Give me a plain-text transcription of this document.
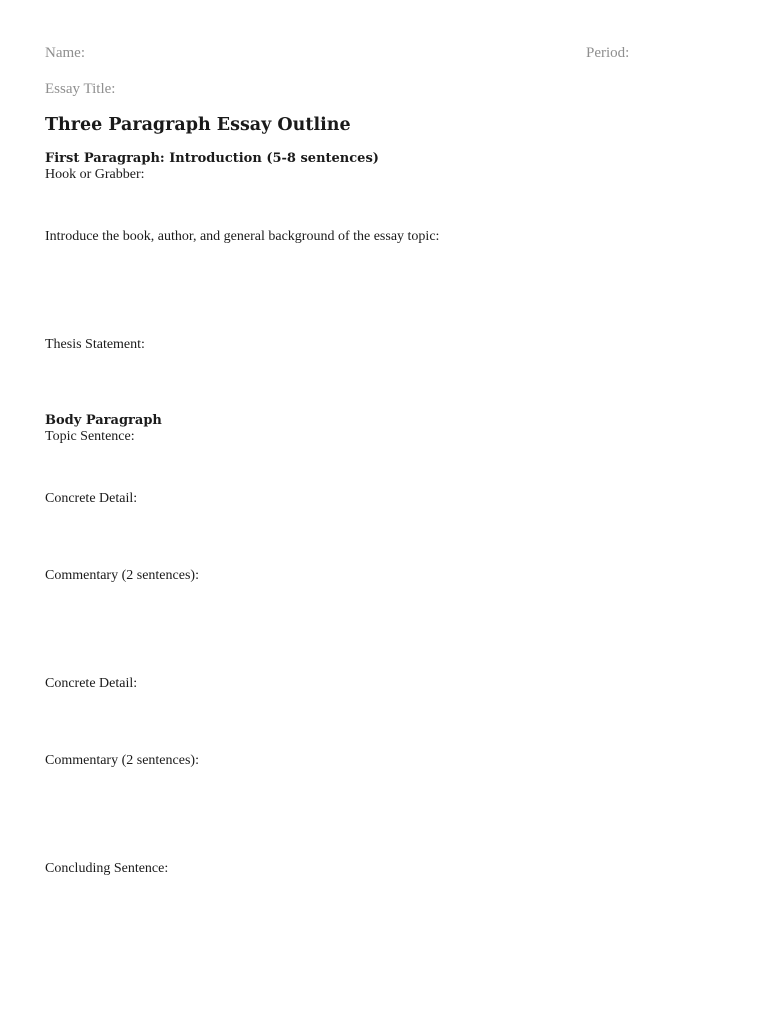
Name:	Period:
Essay Title:
Three Paragraph Essay Outline
First Paragraph: Introduction (5-8 sentences)
Hook or Grabber:
Introduce the book, author, and general background of the essay topic:
Thesis Statement:
Body Paragraph
Topic Sentence:
Concrete Detail:
Commentary (2 sentences):
Concrete Detail:
Commentary (2 sentences):
Concluding Sentence:
